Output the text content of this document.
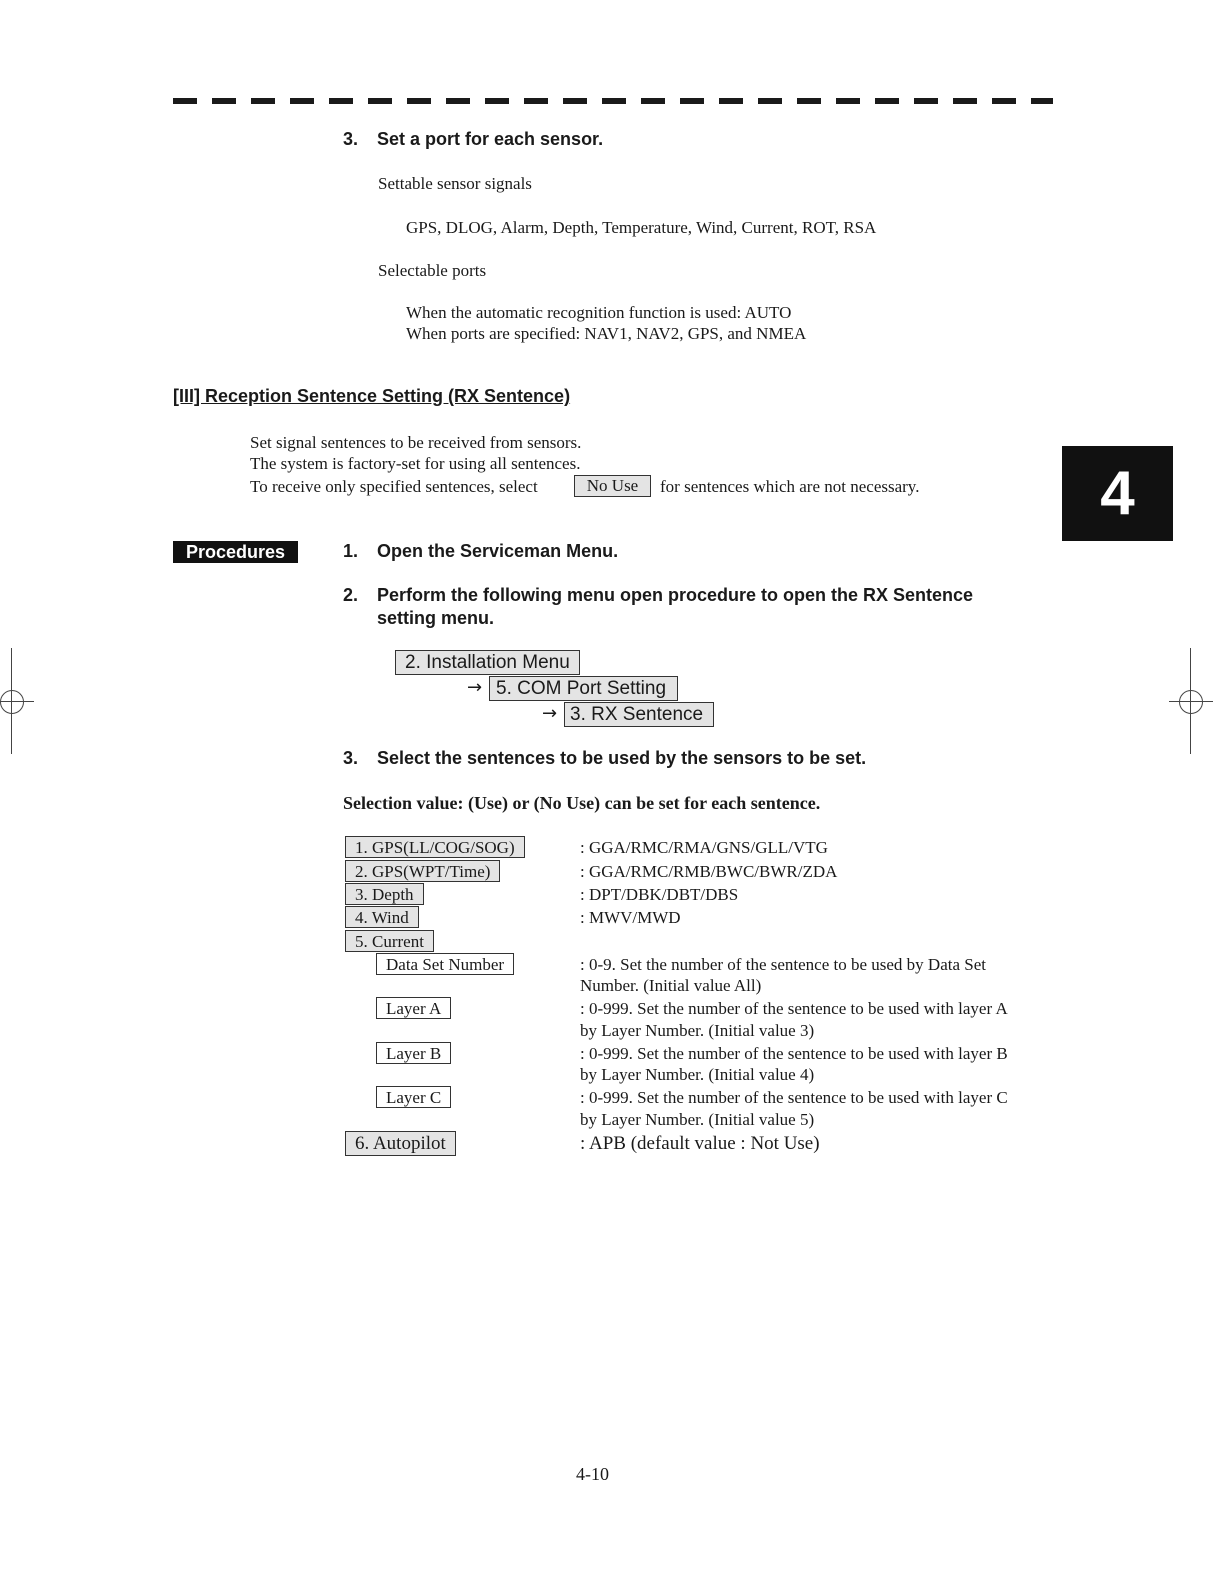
3. Set a port for each sensor.
Settable sensor signals
GPS, DLOG, Alarm, Depth, Temperature, Wind, Current, ROT, RSA
Selectable ports
When the automatic recognition function is used: AUTO
When ports are specified: NAV1, NAV2, GPS, and NMEA
[III] Reception Sentence Setting (RX Sentence)
Set signal sentences to be received from sensors.
The system is factory-set for using all sentences.
To receive only specified sentences, select	No Use	for sentences which are not necessary.	4
Procedures	1. Open the Serviceman Menu.
2. Perform the following menu open procedure to open the RX Sentence
setting menu.
2. Installation Menu
→ 5. COM Port Setting
→ 3. RX Sentence
3. Select the sentences to be used by the sensors to be set.
Selection value: (Use) or (No Use) can be set for each sentence.
1. GPS(LL/COG/SOG)	: GGA/RMC/RMA/GNS/GLL/VTG
2. GPS(WPT/Time)	: GGA/RMC/RMB/BWC/BWR/ZDA
3. Depth	: DPT/DBK/DBT/DBS
4. Wind	: MWV/MWD
5. Current
Data Set Number	: 0-9. Set the number of the sentence to be used by Data Set
Number. (Initial value All)
Layer A	: 0-999. Set the number of the sentence to be used with layer A
by Layer Number. (Initial value 3)
Layer B	: 0-999. Set the number of the sentence to be used with layer B
by Layer Number. (Initial value 4)
Layer C	: 0-999. Set the number of the sentence to be used with layer C
by Layer Number. (Initial value 5)
6. Autopilot	: APB (default value : Not Use)
4-10
